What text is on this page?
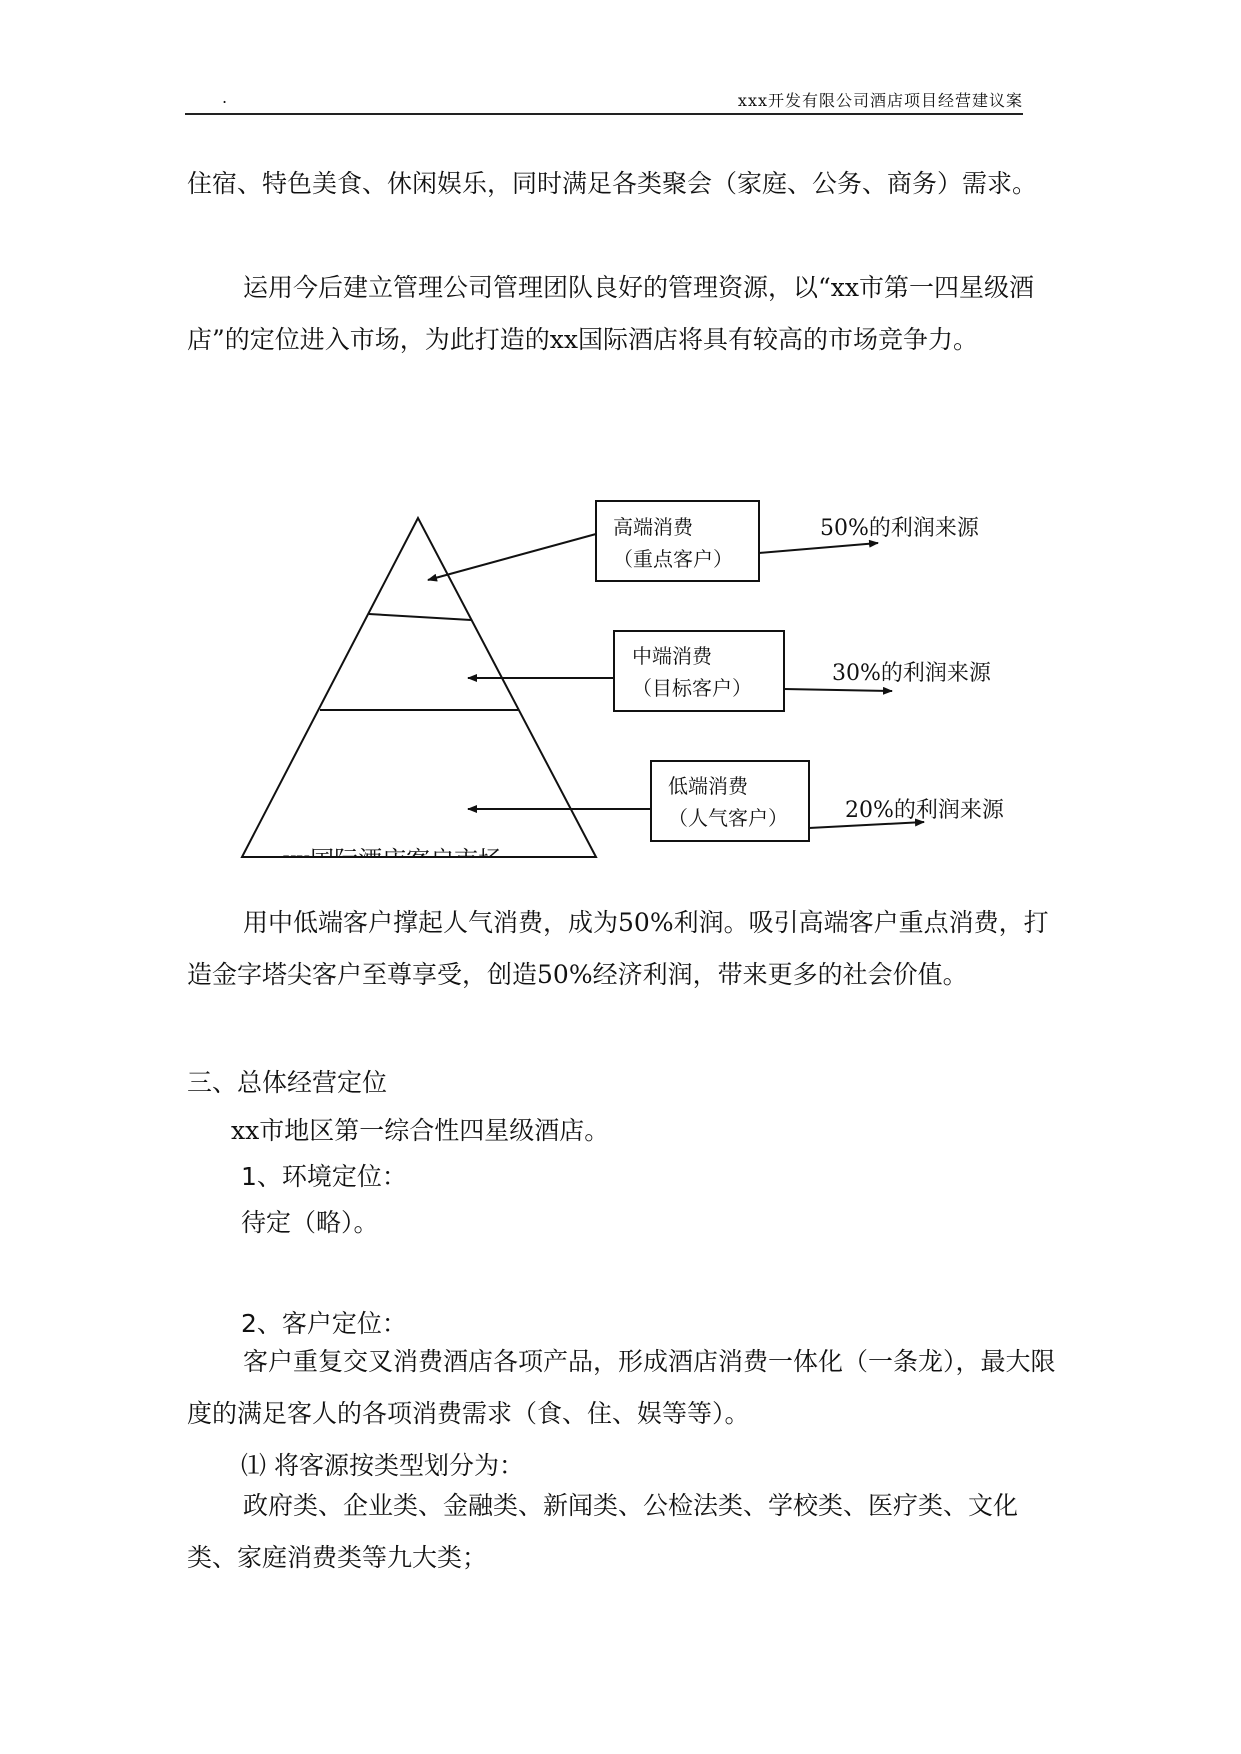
.	xxx开发有限公司酒店项目经营建议案

住宿、特色美食、休闲娱乐，同时满足各类聚会（家庭、公务、商务）需求。

运用今后建立管理公司管理团队良好的管理资源，以“xx市第一四星级酒店”的定位进入市场，为此打造的xx国际酒店将具有较高的市场竞争力。

高端消费
（重点客户）
50%的利润来源
中端消费
（目标客户）
30%的利润来源
低端消费
（人气客户）	20%的利润来源

用中低端客户撑起人气消费，成为50%利润。吸引高端客户重点消费，打造金字塔尖客户至尊享受，创造50%经济利润，带来更多的社会价值。

三、总体经营定位
xx市地区第一综合性四星级酒店。
1、环境定位：
待定（略）。
2、客户定位：

客户重复交叉消费酒店各项产品，形成酒店消费一体化（一条龙），最大限度的满足客人的各项消费需求（食、住、娱等等）。

⑴ 将客源按类型划分为：

政府类、企业类、金融类、新闻类、公检法类、学校类、医疗类、文化类、家庭消费类等九大类；
